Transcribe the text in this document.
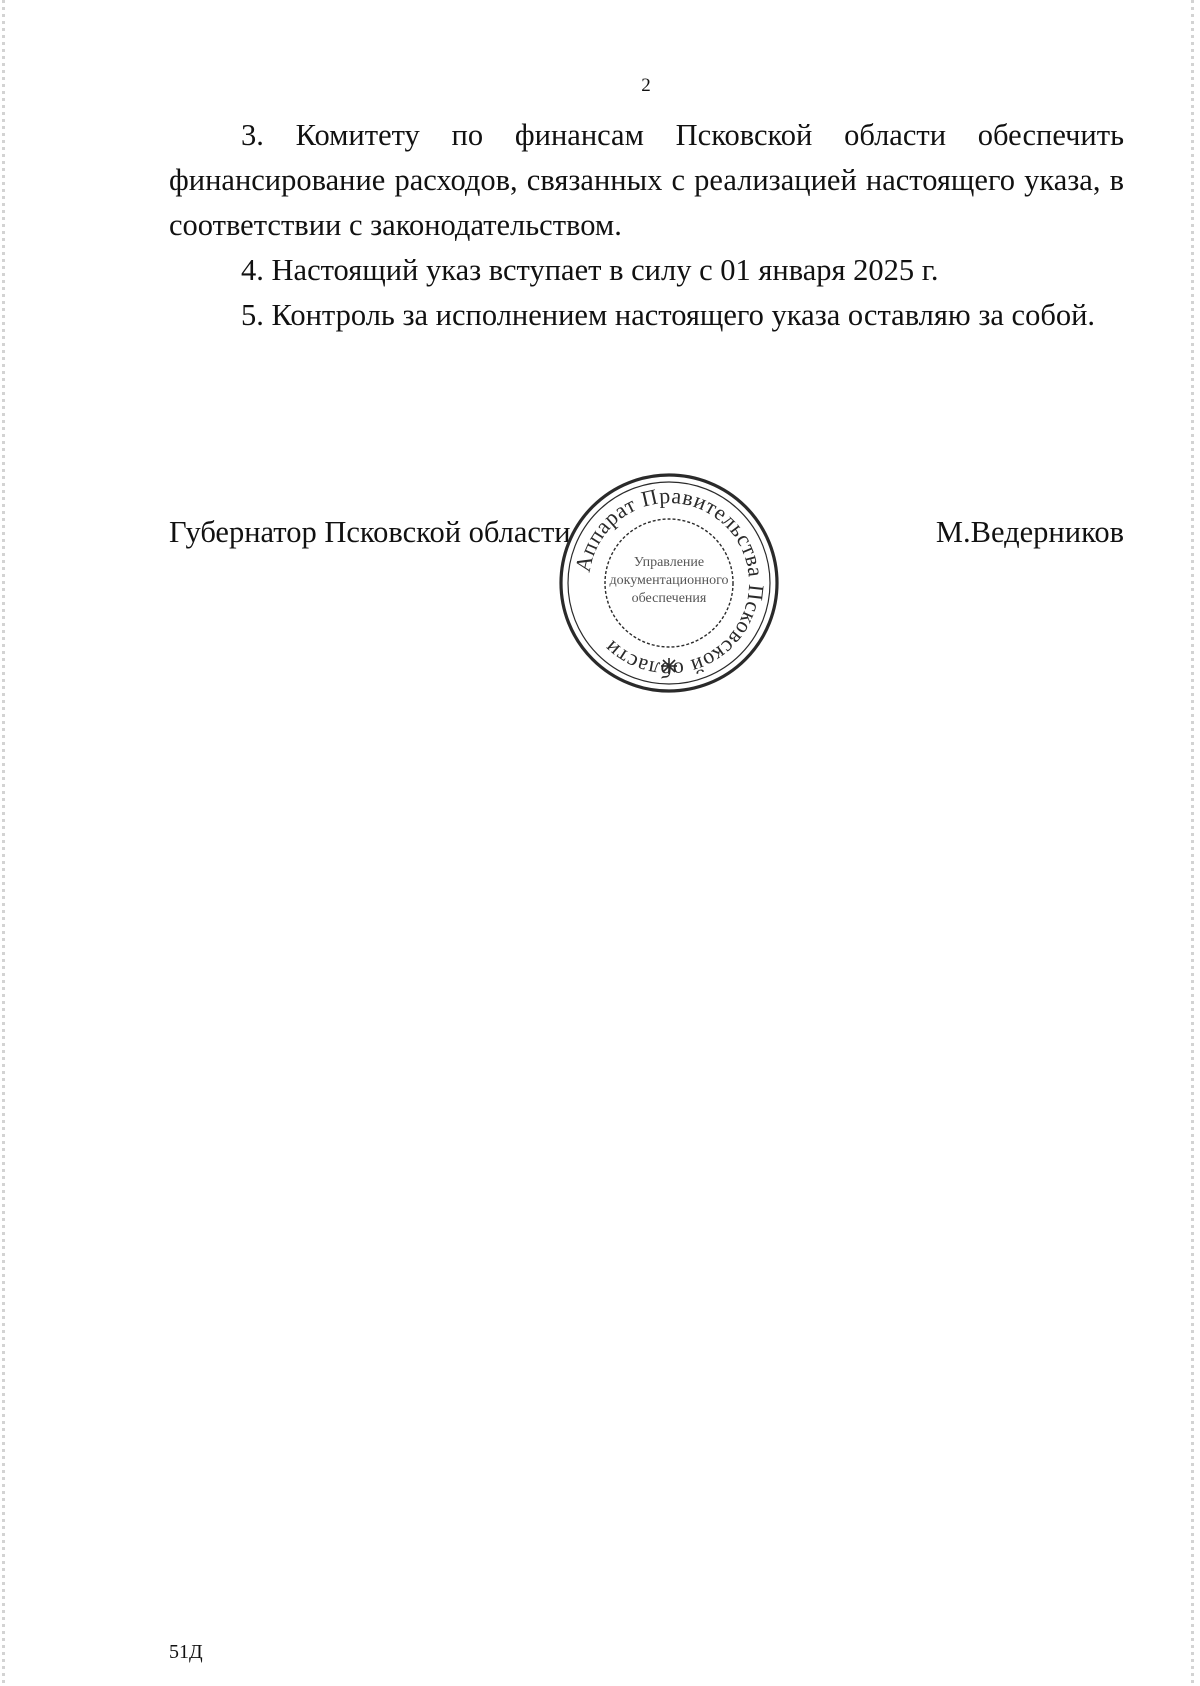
2

3. Комитету по финансам Псковской области обеспечить финансирование расходов, связанных с реализацией настоящего указа, в соответствии с законодательством.

4. Настоящий указ вступает в силу с 01 января 2025 г.

5. Контроль за исполнением настоящего указа оставляю за собой.

Губернатор Псковской области	М.Ведерников
Аппарат Правительства Псковской области
Управление
документационного
обеспечения
51Д
